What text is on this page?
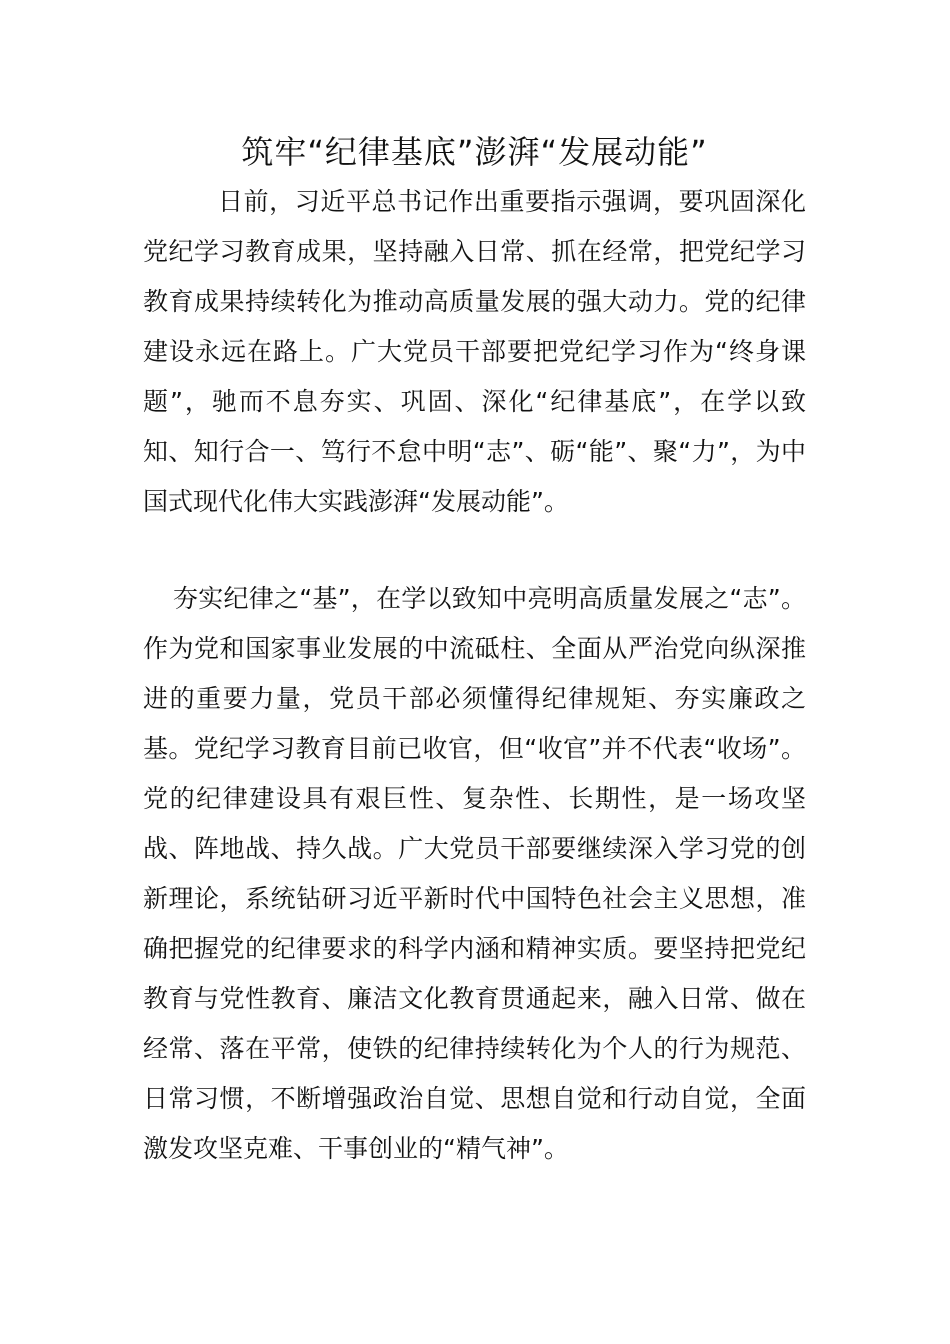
筑牢“纪律基底”澎湃“发展动能”

日前，习近平总书记作出重要指示强调，要巩固深化党纪学习教育成果，坚持融入日常、抓在经常，把党纪学习教育成果持续转化为推动高质量发展的强大动力。党的纪律建设永远在路上。广大党员干部要把党纪学习作为“终身课题”，驰而不息夯实、巩固、深化“纪律基底”，在学以致知、知行合一、笃行不怠中明“志”、砺“能”、聚“力”，为中国式现代化伟大实践澎湃“发展动能”。

夯实纪律之“基”，在学以致知中亮明高质量发展之“志”。作为党和国家事业发展的中流砥柱、全面从严治党向纵深推进的重要力量，党员干部必须懂得纪律规矩、夯实廉政之基。党纪学习教育目前已收官，但“收官”并不代表“收场”。党的纪律建设具有艰巨性、复杂性、长期性，是一场攻坚战、阵地战、持久战。广大党员干部要继续深入学习党的创新理论，系统钻研习近平新时代中国特色社会主义思想，准确把握党的纪律要求的科学内涵和精神实质。要坚持把党纪教育与党性教育、廉洁文化教育贯通起来，融入日常、做在经常、落在平常，使铁的纪律持续转化为个人的行为规范、日常习惯，不断增强政治自觉、思想自觉和行动自觉，全面激发攻坚克难、干事创业的“精气神”。
